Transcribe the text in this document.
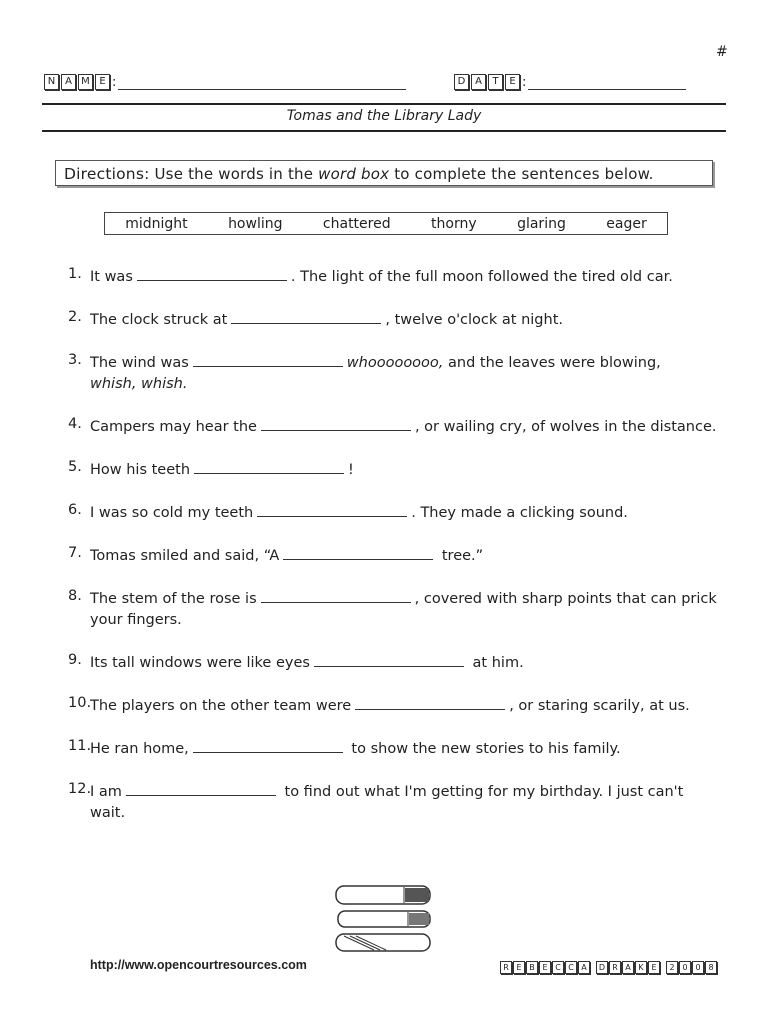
#
N A M E :	D A	T	E :
Tomas and the Library Lady
Directions: Use the words in the word box to complete the sentences below.
midnight	howling	chattered	thorny	glaring	eager
1. It was	. The light of the full moon followed the tired old car.
2. The clock struck at	, twelve o'clock at night.
3. The wind was	whoooooooo, and the leaves were blowing,
whish, whish.
4. Campers may hear the	, or wailing cry, of wolves in the distance.
5. How his teeth	!
6. I was so cold my teeth	. They made a clicking sound.
7. Tomas smiled and said, “A	tree.”
8. The stem of the rose is	, covered with sharp points that can prick your fingers.
9. Its tall windows were like eyes	at him.
10.
The players on the other team were	, or staring scarily, at us.
11.
He ran home,	to show the new stories to his family.
12.
I am	to find out what I'm getting for my birthday. I just can't wait.
http://www.opencourtresources.com	R E B E C C A	D R A K E	2 0 0 8
